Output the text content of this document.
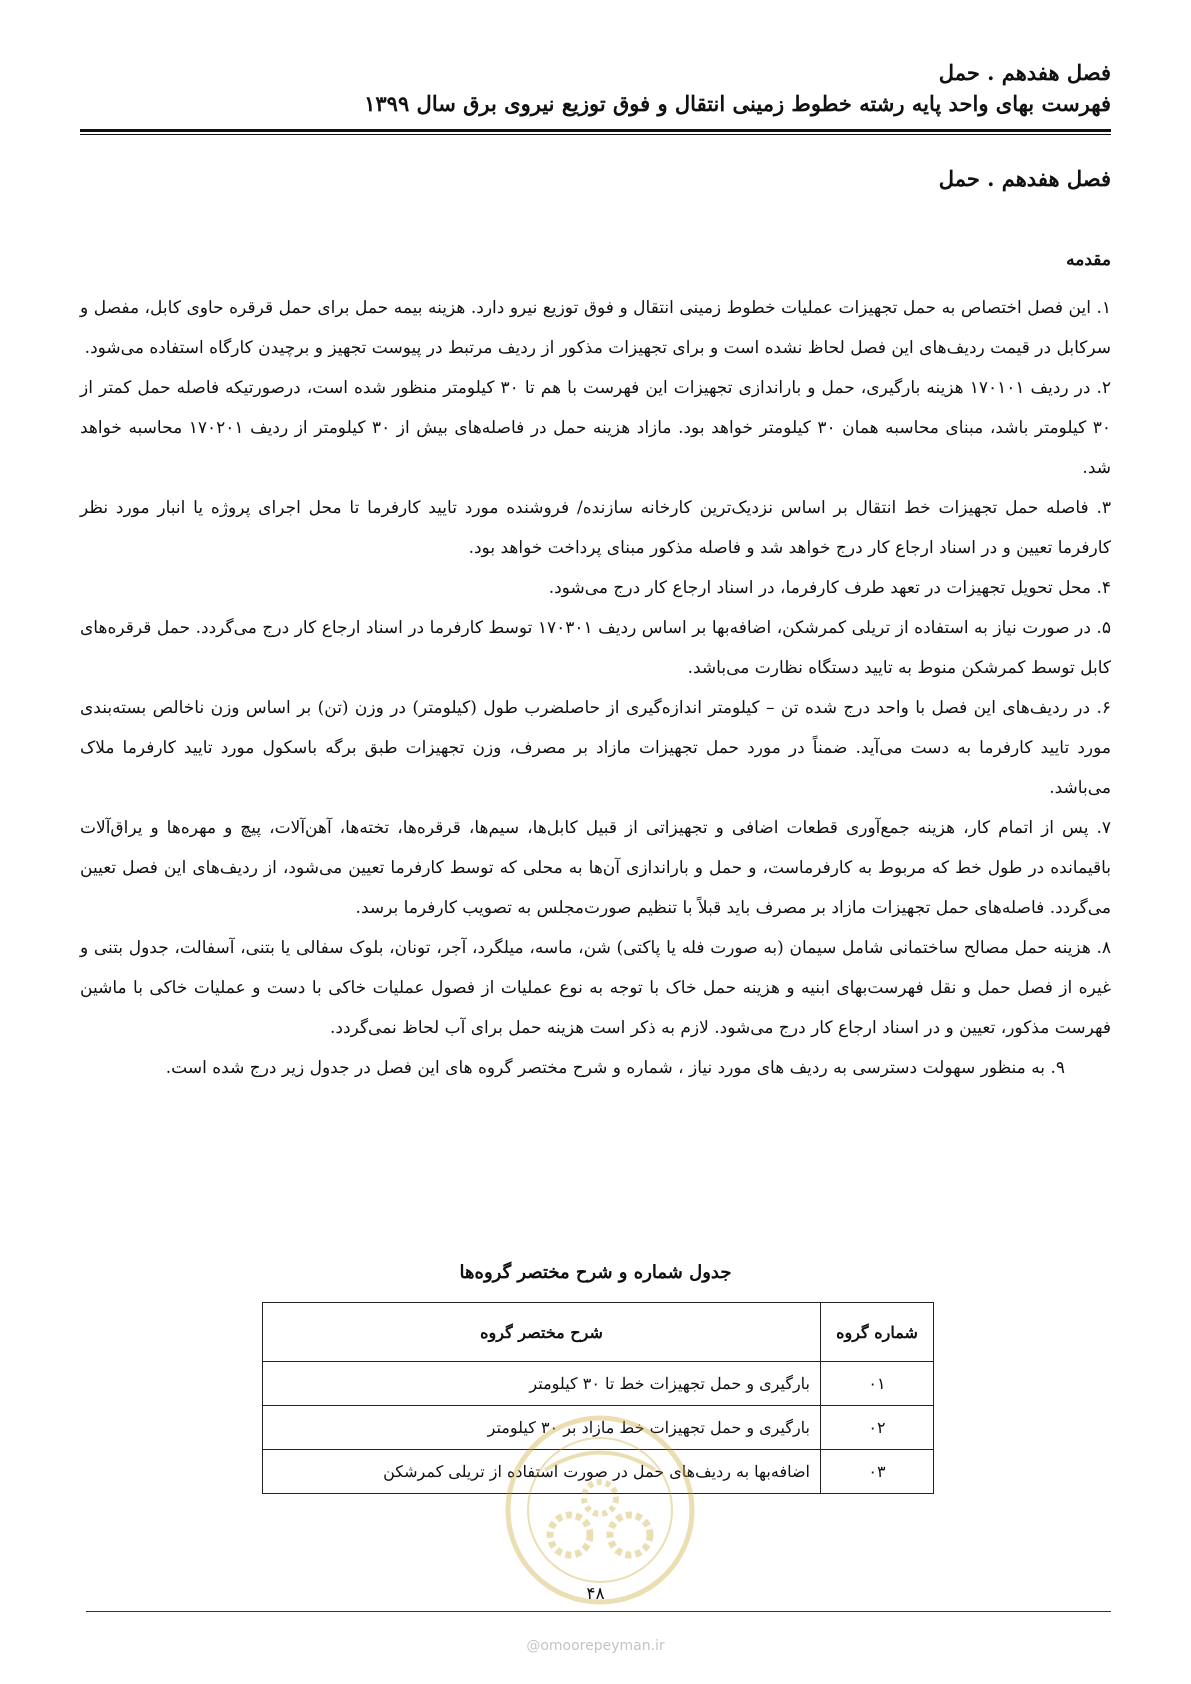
فصل هفدهم . حمل
فهرست بهای واحد پایه رشته خطوط زمینی انتقال و فوق توزیع نیروی برق سال ۱۳۹۹
فصل هفدهم . حمل
مقدمه

۱. این فصل اختصاص به حمل تجهیزات عملیات خطوط زمینی انتقال و فوق توزیع نیرو دارد. هزینه بیمه حمل برای حمل قرقره حاوی کابل، مفصل و سرکابل در قیمت ردیف‌های این فصل لحاظ نشده است و برای تجهیزات مذکور از ردیف مرتبط در پیوست تجهیز و برچیدن کارگاه استفاده می‌شود.

۲. در ردیف ۱۷۰۱۰۱ هزینه بارگیری، حمل و باراندازی تجهیزات این فهرست با هم تا ۳۰ کیلومتر منظور شده است، درصورتیکه فاصله حمل کمتر از ۳۰ کیلومتر باشد، مبنای محاسبه همان ۳۰ کیلومتر خواهد بود. مازاد هزینه حمل در فاصله‌های بیش از ۳۰ کیلومتر از ردیف ۱۷۰۲۰۱ محاسبه خواهد شد.

۳. فاصله حمل تجهیزات خط انتقال بر اساس نزدیک‌ترین کارخانه سازنده/ فروشنده مورد تایید کارفرما تا محل اجرای پروژه یا انبار مورد نظر کارفرما تعیین و در اسناد ارجاع کار درج خواهد شد و فاصله مذکور مبنای پرداخت خواهد بود.

۴. محل تحویل تجهیزات در تعهد طرف کارفرما، در اسناد ارجاع کار درج می‌شود.

۵. در صورت نیاز به استفاده از تریلی کمرشکن، اضافه‌بها بر اساس ردیف ۱۷۰۳۰۱ توسط کارفرما در اسناد ارجاع کار درج می‌گردد. حمل قرقره‌های کابل توسط کمرشکن منوط به تایید دستگاه نظارت می‌باشد.

۶. در ردیف‌های این فصل با واحد درج شده تن – کیلومتر اندازه‌گیری از حاصلضرب طول (کیلومتر) در وزن (تن) بر اساس وزن ناخالص بسته‌بندی مورد تایید کارفرما به دست می‌آید. ضمناً در مورد حمل تجهیزات مازاد بر مصرف، وزن تجهیزات طبق برگه باسکول مورد تایید کارفرما ملاک می‌باشد.

۷. پس از اتمام کار، هزینه جمع‌آوری قطعات اضافی و تجهیزاتی از قبیل کابل‌ها، سیم‌ها، قرقره‌ها، تخته‌ها، آهن‌آلات، پیچ و مهره‌ها و یراق‌آلات باقیمانده در طول خط که مربوط به کارفرماست، و حمل و باراندازی آن‌ها به محلی که توسط کارفرما تعیین می‌شود، از ردیف‌های این فصل تعیین می‌گردد. فاصله‌های حمل تجهیزات مازاد بر مصرف باید قبلاً با تنظیم صورت‌مجلس به تصویب کارفرما برسد.

۸. هزینه حمل مصالح ساختمانی شامل سیمان (به صورت فله یا پاکتی) شن، ماسه، میلگرد، آجر، تونان، بلوک سفالی یا بتنی، آسفالت، جدول بتنی و غیره از فصل حمل و نقل فهرست‌بهای ابنیه و هزینه حمل خاک با توجه به نوع عملیات از فصول عملیات خاکی با دست و عملیات خاکی با ماشین فهرست مذکور، تعیین و در اسناد ارجاع کار درج می‌شود. لازم به ذکر است هزینه حمل برای آب لحاظ نمی‌گردد.

۹. به منظور سهولت دسترسی به ردیف های مورد نیاز ، شماره و شرح مختصر گروه های این فصل در جدول زیر درج شده است.

جدول شماره و شرح مختصر گروه‌ها
شماره گروه	شرح مختصر گروه
۰۱	بارگیری و حمل تجهیزات خط تا ۳۰ کیلومتر
۰۲	بارگیری و حمل تجهیزات خط مازاد بر ۳۰ کیلومتر
۰۳	اضافه‌بها به ردیف‌های حمل در صورت استفاده از تریلی کمرشکن
۴۸
@omoorepeyman.ir
